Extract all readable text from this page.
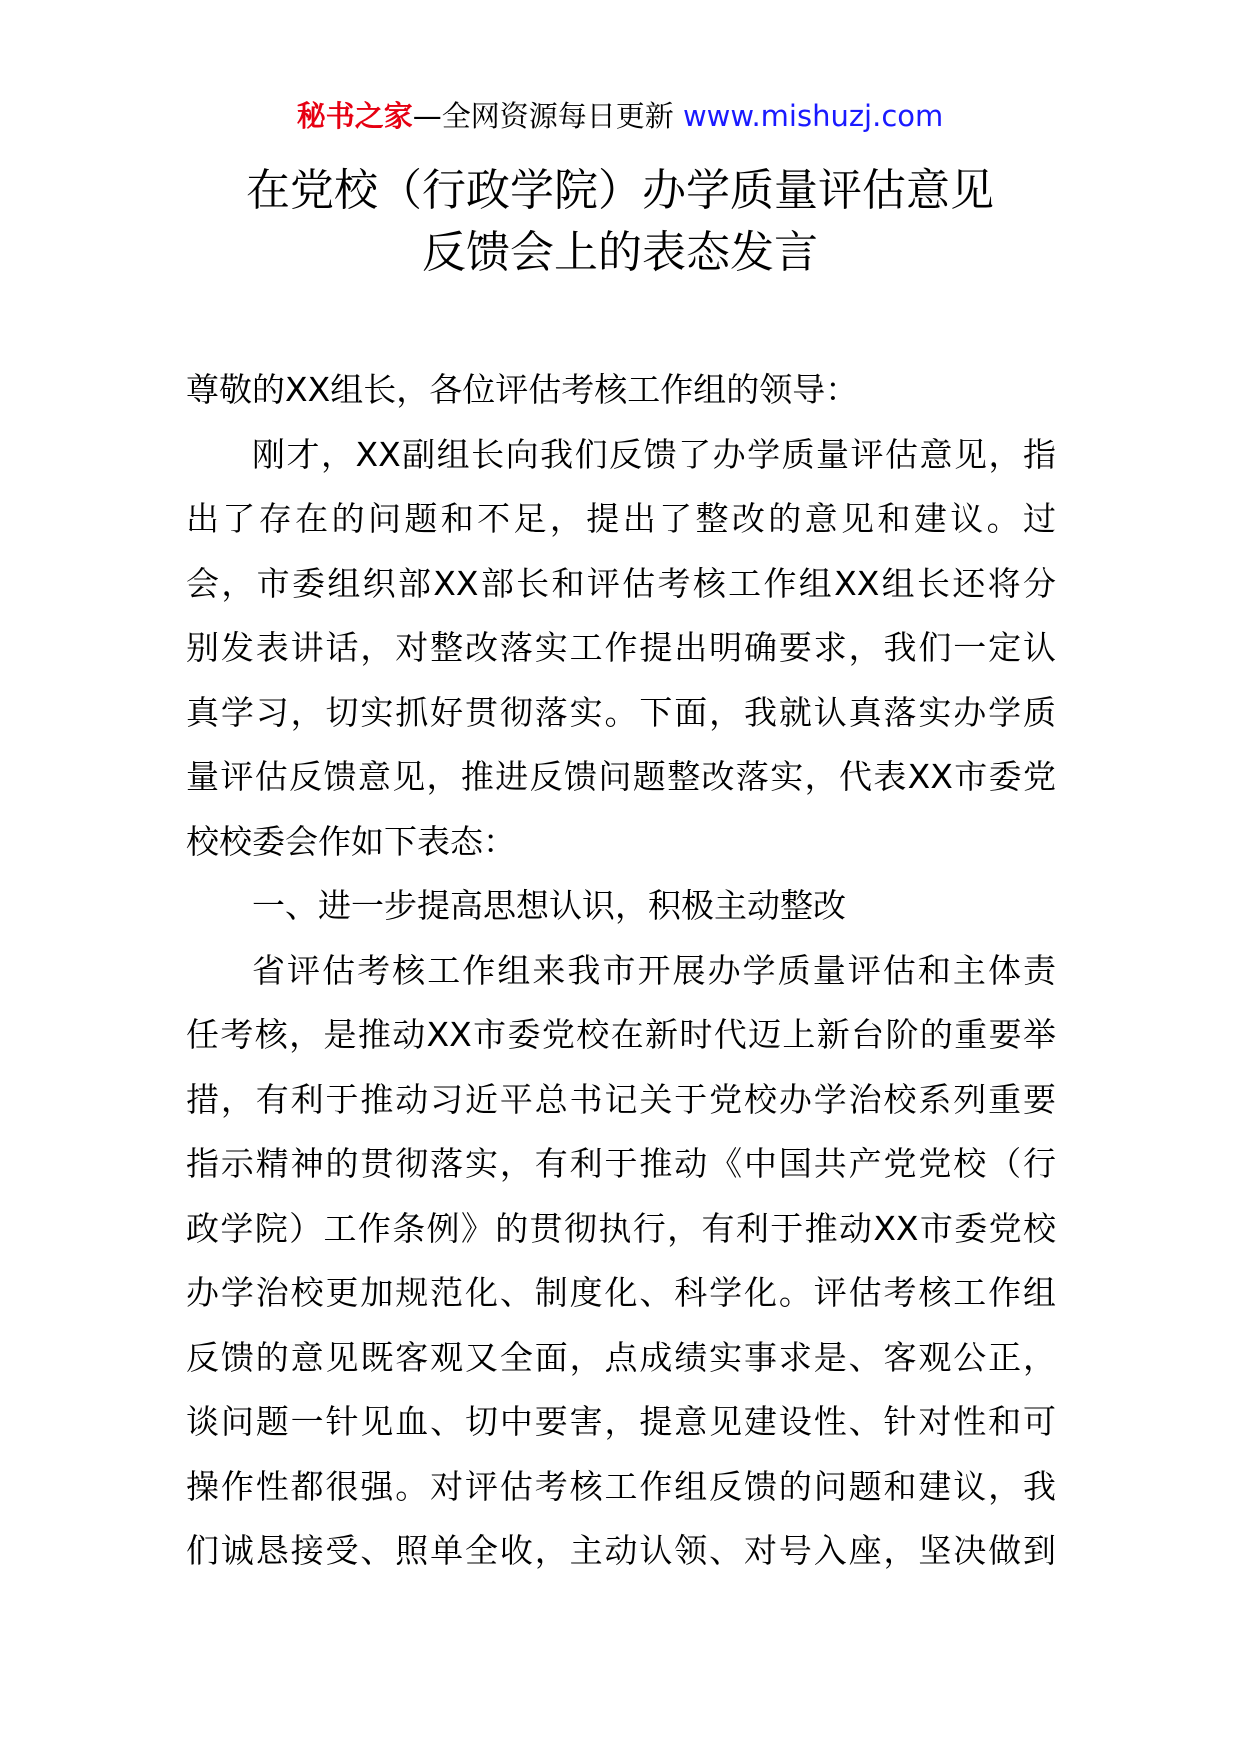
秘书之家—全网资源每日更新 www.mishuzj.com
在党校（行政学院）办学质量评估意见
反馈会上的表态发言
尊敬的XX组长，各位评估考核工作组的领导：
刚才，XX副组长向我们反馈了办学质量评估意见，指
出了存在的问题和不足，提出了整改的意见和建议。过
会，市委组织部XX部长和评估考核工作组XX组长还将分
别发表讲话，对整改落实工作提出明确要求，我们一定认
真学习，切实抓好贯彻落实。下面，我就认真落实办学质
量评估反馈意见，推进反馈问题整改落实，代表XX市委党
校校委会作如下表态：
一、进一步提高思想认识，积极主动整改
省评估考核工作组来我市开展办学质量评估和主体责
任考核，是推动XX市委党校在新时代迈上新台阶的重要举
措，有利于推动习近平总书记关于党校办学治校系列重要
指示精神的贯彻落实，有利于推动《中国共产党党校（行
政学院）工作条例》的贯彻执行，有利于推动XX市委党校
办学治校更加规范化、制度化、科学化。评估考核工作组
反馈的意见既客观又全面，点成绩实事求是、客观公正，
谈问题一针见血、切中要害，提意见建设性、针对性和可
操作性都很强。对评估考核工作组反馈的问题和建议，我
们诚恳接受、照单全收，主动认领、对号入座，坚决做到
